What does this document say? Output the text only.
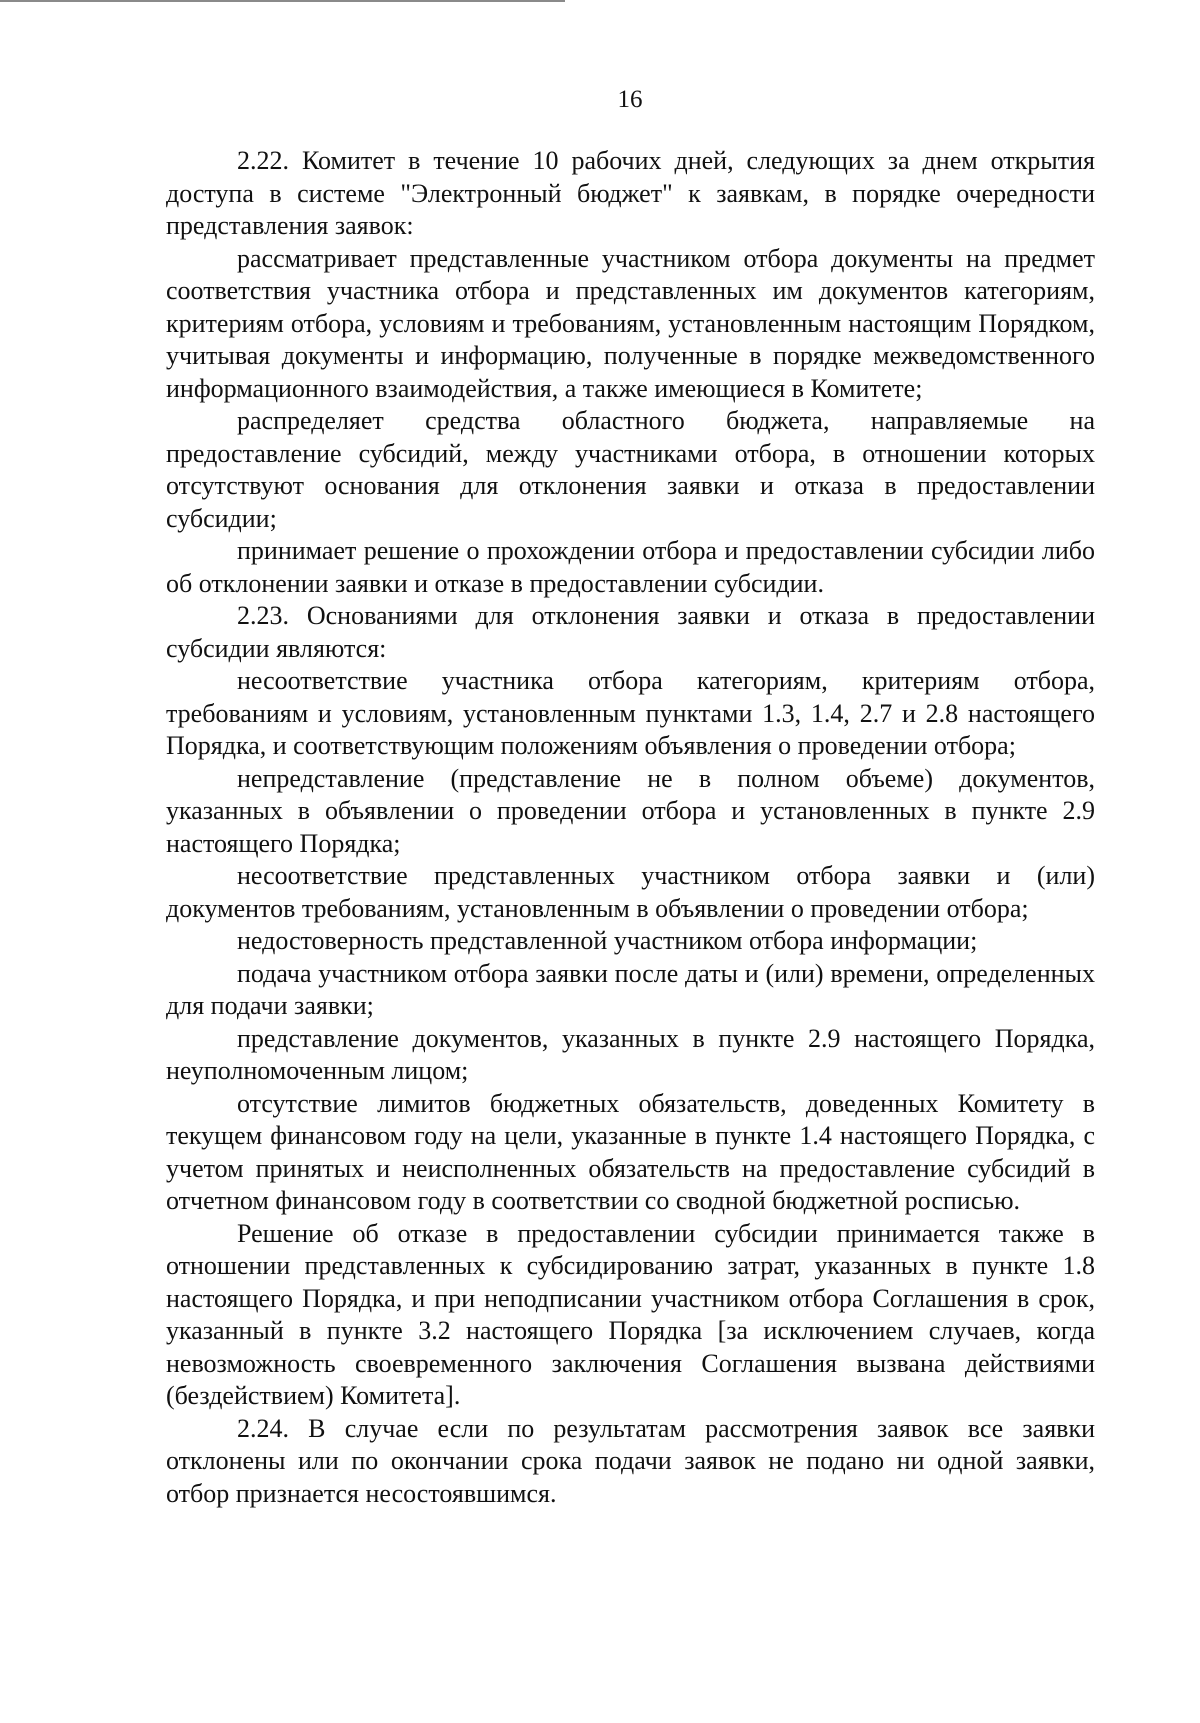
16

2.22. Комитет в течение 10 рабочих дней, следующих за днем открытия доступа в системе "Электронный бюджет" к заявкам, в порядке очередности представления заявок:

рассматривает представленные участником отбора документы на предмет соответствия участника отбора и представленных им документов категориям, критериям отбора, условиям и требованиям, установленным настоящим Порядком, учитывая документы и информацию, полученные в порядке межведомственного информационного взаимодействия, а также имеющиеся в Комитете;

распределяет средства областного бюджета, направляемые на предоставление субсидий, между участниками отбора, в отношении которых отсутствуют основания для отклонения заявки и отказа в предоставлении субсидии;

принимает решение о прохождении отбора и предоставлении субсидии либо об отклонении заявки и отказе в предоставлении субсидии.

2.23. Основаниями для отклонения заявки и отказа в предоставлении субсидии являются:

несоответствие участника отбора категориям, критериям отбора, требованиям и условиям, установленным пунктами 1.3, 1.4, 2.7 и 2.8 настоящего Порядка, и соответствующим положениям объявления о проведении отбора;

непредставление (представление не в полном объеме) документов, указанных в объявлении о проведении отбора и установленных в пункте 2.9 настоящего Порядка;

несоответствие представленных участником отбора заявки и (или) документов требованиям, установленным в объявлении о проведении отбора;

недостоверность представленной участником отбора информации;

подача участником отбора заявки после даты и (или) времени, определенных для подачи заявки;

представление документов, указанных в пункте 2.9 настоящего Порядка, неуполномоченным лицом;

отсутствие лимитов бюджетных обязательств, доведенных Комитету в текущем финансовом году на цели, указанные в пункте 1.4 настоящего Порядка, с учетом принятых и неисполненных обязательств на предоставление субсидий в отчетном финансовом году в соответствии со сводной бюджетной росписью.

Решение об отказе в предоставлении субсидии принимается также в отношении представленных к субсидированию затрат, указанных в пункте 1.8 настоящего Порядка, и при неподписании участником отбора Соглашения в срок, указанный в пункте 3.2 настоящего Порядка [за исключением случаев, когда невозможность своевременного заключения Соглашения вызвана действиями (бездействием) Комитета].

2.24. В случае если по результатам рассмотрения заявок все заявки отклонены или по окончании срока подачи заявок не подано ни одной заявки, отбор признается несостоявшимся.
